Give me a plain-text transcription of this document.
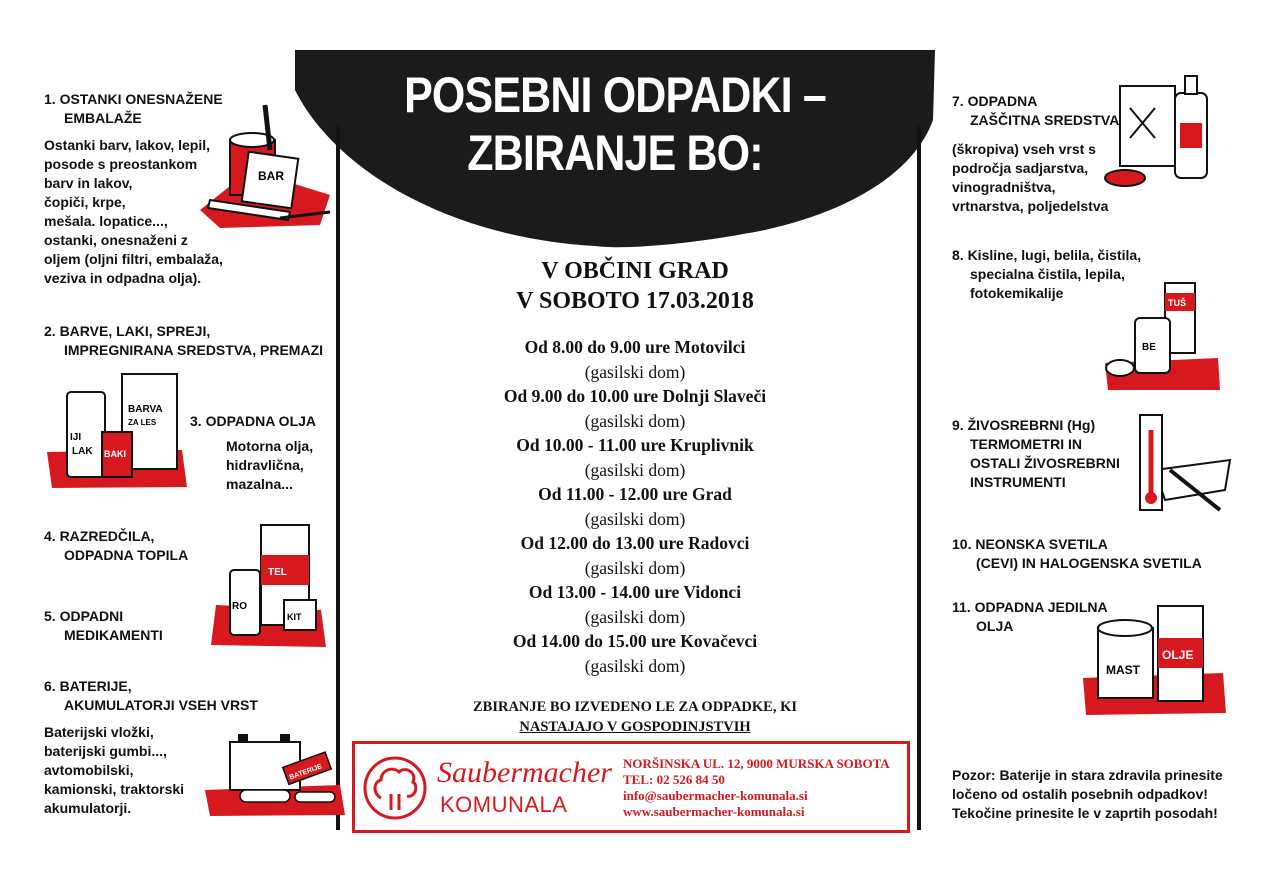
POSEBNI ODPADKI –
ZBIRANJE BO:
1. OSTANKI ONESNAŽENE
EMBALAŽE
Ostanki barv, lakov, lepil,
posode s preostankom
barv in lakov,
čopiči, krpe,
mešala. lopatice...,
ostanki, onesnaženi z
oljem (oljni filtri, embalaža,
veziva in odpadna olja).
BAR
2. BARVE, LAKI, SPREJI,
IMPREGNIRANA SREDSTVA, PREMAZI
BARVA
ZA LES
IJI
LAK BAKI
3. ODPADNA OLJA
Motorna olja,
hidravlična,
mazalna...
4. RAZREDČILA,
ODPADNA TOPILA
TEL
RO
KIT
5. ODPADNI
MEDIKAMENTI
6. BATERIJE,
AKUMULATORJI VSEH VRST
Baterijski vložki,
baterijski gumbi...,
avtomobilski,
kamionski, traktorski
akumulatorji.
BATERIJE
V OBČINI GRAD
V SOBOTO 17.03.2018
Od 8.00 do 9.00 ure Motovilci
(gasilski dom)
Od 9.00 do 10.00 ure Dolnji Slaveči
(gasilski dom)
Od 10.00 - 11.00 ure Kruplivnik
(gasilski dom)
Od 11.00 - 12.00 ure Grad
(gasilski dom)
Od 12.00 do 13.00 ure Radovci
(gasilski dom)
Od 13.00 - 14.00 ure Vidonci
(gasilski dom)
Od 14.00 do 15.00 ure Kovačevci
(gasilski dom)
ZBIRANJE BO IZVEDENO LE ZA ODPADKE, KI
NASTAJAJO V GOSPODINJSTVIH
Saubermacher
KOMUNALA
NORŠINSKA UL. 12, 9000 MURSKA SOBOTA
TEL: 02 526 84 50
info@saubermacher-komunala.si
www.saubermacher-komunala.si
7. ODPADNA
ZAŠČITNA SREDSTVA
(škropiva) vseh vrst s
področja sadjarstva,
vinogradništva,
vrtnarstva, poljedelstva
8. Kisline, lugi, belila, čistila,
specialna čistila, lepila,
fotokemikalije
TUŠ
BE
9. ŽIVOSREBRNI (Hg)
TERMOMETRI IN
OSTALI ŽIVOSREBRNI
INSTRUMENTI
10. NEONSKA SVETILA
(CEVI) IN HALOGENSKA SVETILA
11. ODPADNA JEDILNA
OLJA
MAST
OLJE
Pozor: Baterije in stara zdravila prinesite
ločeno od ostalih posebnih odpadkov!
Tekočine prinesite le v zaprtih posodah!
